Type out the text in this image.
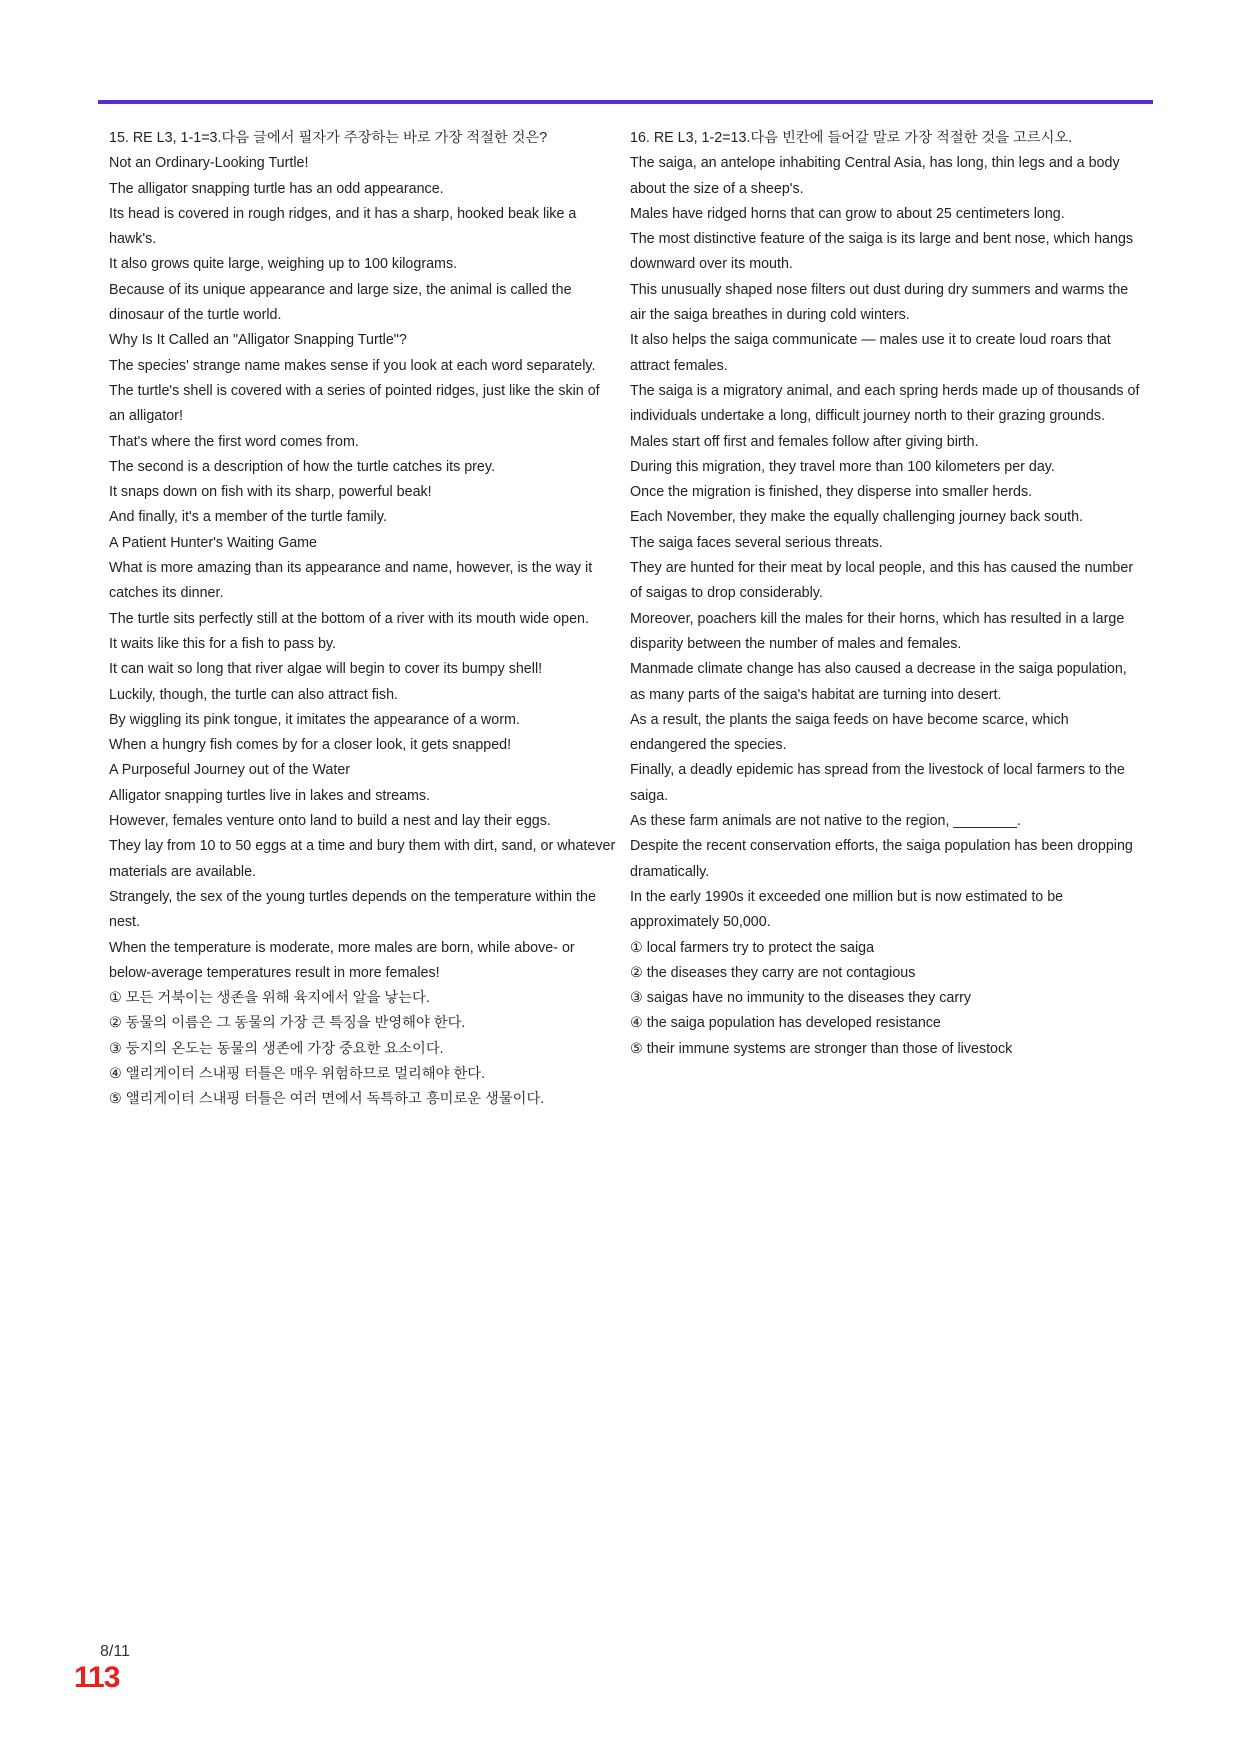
15. RE L3, 1-1=3.다음 글에서 필자가 주장하는 바로 가장 적절한 것은?
Not an Ordinary-Looking Turtle!
The alligator snapping turtle has an odd appearance.
Its head is covered in rough ridges, and it has a sharp, hooked beak like a hawk's.
It also grows quite large, weighing up to 100 kilograms.
Because of its unique appearance and large size, the animal is called the dinosaur of the turtle world.
Why Is It Called an "Alligator Snapping Turtle"?
The species' strange name makes sense if you look at each word separately.
The turtle's shell is covered with a series of pointed ridges, just like the skin of an alligator!
That's where the first word comes from.
The second is a description of how the turtle catches its prey.
It snaps down on fish with its sharp, powerful beak!
And finally, it's a member of the turtle family.
A Patient Hunter's Waiting Game
What is more amazing than its appearance and name, however, is the way it catches its dinner.
The turtle sits perfectly still at the bottom of a river with its mouth wide open.
It waits like this for a fish to pass by.
It can wait so long that river algae will begin to cover its bumpy shell!
Luckily, though, the turtle can also attract fish.
By wiggling its pink tongue, it imitates the appearance of a worm.
When a hungry fish comes by for a closer look, it gets snapped!
A Purposeful Journey out of the Water
Alligator snapping turtles live in lakes and streams.
However, females venture onto land to build a nest and lay their eggs.
They lay from 10 to 50 eggs at a time and bury them with dirt, sand, or whatever materials are available.
Strangely, the sex of the young turtles depends on the temperature within the nest.
When the temperature is moderate, more males are born, while above- or below-average temperatures result in more females!
① 모든 거북이는 생존을 위해 육지에서 알을 낳는다.
② 동물의 이름은 그 동물의 가장 큰 특징을 반영해야 한다.
③ 둥지의 온도는 동물의 생존에 가장 중요한 요소이다.
④ 앨리게이터 스내핑 터틀은 매우 위험하므로 멀리해야 한다.
⑤ 앨리게이터 스내핑 터틀은 여러 면에서 독특하고 흥미로운 생물이다.
16. RE L3, 1-2=13.다음 빈칸에 들어갈 말로 가장 적절한 것을 고르시오.
The saiga, an antelope inhabiting Central Asia, has long, thin legs and a body about the size of a sheep's.
Males have ridged horns that can grow to about 25 centimeters long.
The most distinctive feature of the saiga is its large and bent nose, which hangs downward over its mouth.
This unusually shaped nose filters out dust during dry summers and warms the air the saiga breathes in during cold winters.
It also helps the saiga communicate — males use it to create loud roars that attract females.
The saiga is a migratory animal, and each spring herds made up of thousands of individuals undertake a long, difficult journey north to their grazing grounds.
Males start off first and females follow after giving birth.
During this migration, they travel more than 100 kilometers per day.
Once the migration is finished, they disperse into smaller herds.
Each November, they make the equally challenging journey back south.
The saiga faces several serious threats.
They are hunted for their meat by local people, and this has caused the number of saigas to drop considerably.
Moreover, poachers kill the males for their horns, which has resulted in a large disparity between the number of males and females.
Manmade climate change has also caused a decrease in the saiga population, as many parts of the saiga's habitat are turning into desert.
As a result, the plants the saiga feeds on have become scarce, which endangered the species.
Finally, a deadly epidemic has spread from the livestock of local farmers to the saiga.
As these farm animals are not native to the region, ________.
Despite the recent conservation efforts, the saiga population has been dropping dramatically.
In the early 1990s it exceeded one million but is now estimated to be approximately 50,000.
① local farmers try to protect the saiga
② the diseases they carry are not contagious
③ saigas have no immunity to the diseases they carry
④ the saiga population has developed resistance
⑤ their immune systems are stronger than those of livestock
8/11
113
